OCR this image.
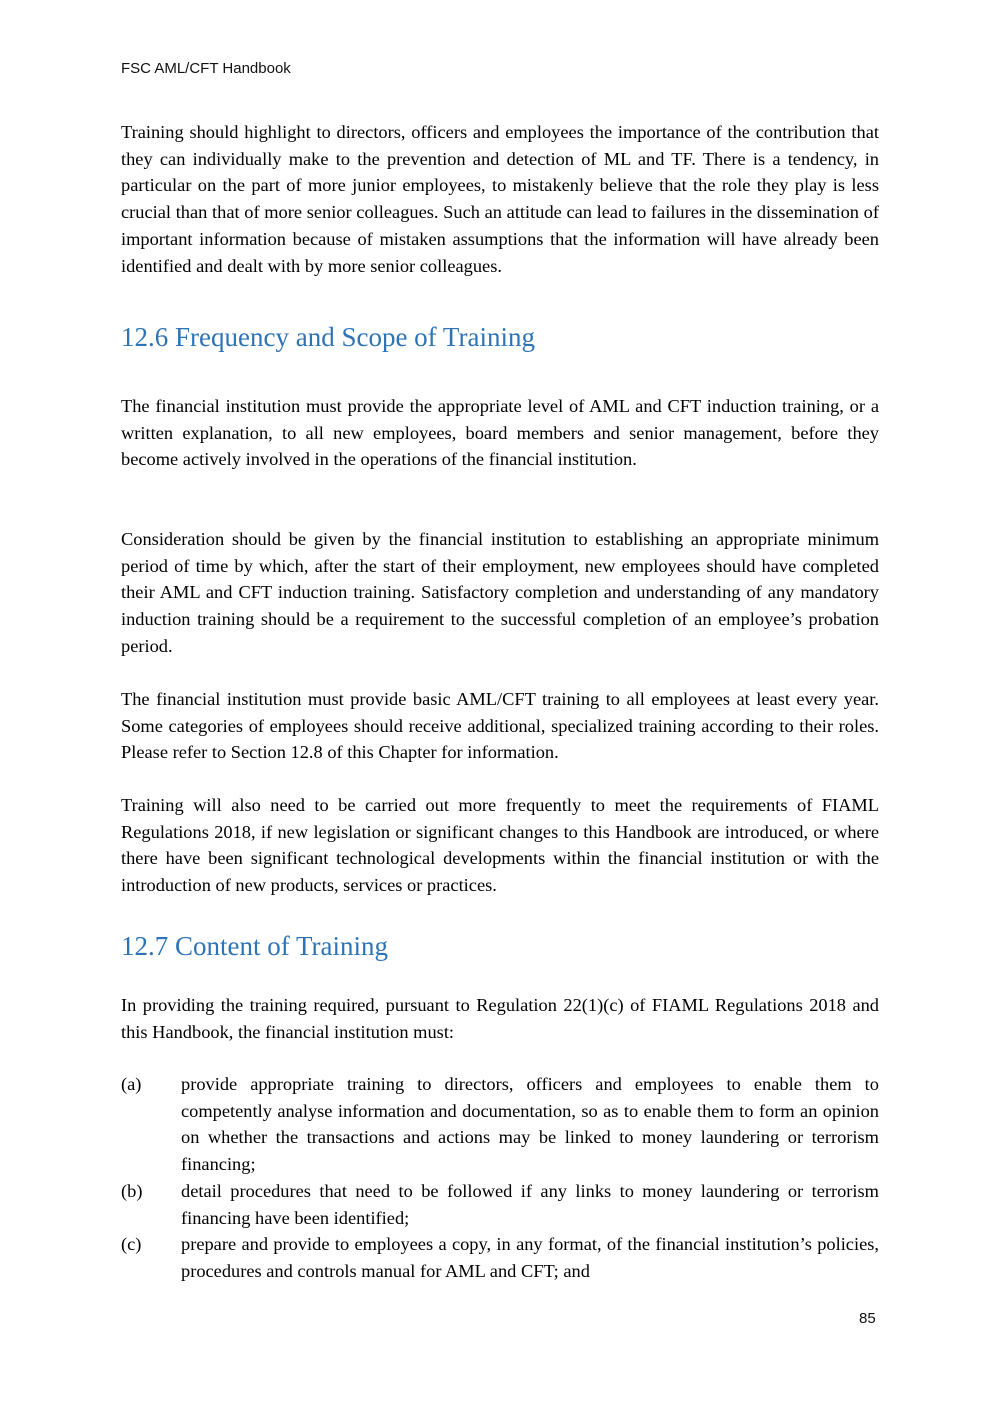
FSC AML/CFT Handbook

Training should highlight to directors, officers and employees the importance of the contribution that they can individually make to the prevention and detection of ML and TF. There is a tendency, in particular on the part of more junior employees, to mistakenly believe that the role they play is less crucial than that of more senior colleagues. Such an attitude can lead to failures in the dissemination of important information because of mistaken assumptions that the information will have already been identified and dealt with by more senior colleagues.

12.6 Frequency and Scope of Training

The financial institution must provide the appropriate level of AML and CFT induction training, or a written explanation, to all new employees, board members and senior management, before they become actively involved in the operations of the financial institution.

Consideration should be given by the financial institution to establishing an appropriate minimum period of time by which, after the start of their employment, new employees should have completed their AML and CFT induction training. Satisfactory completion and understanding of any mandatory induction training should be a requirement to the successful completion of an employee’s probation period.

The financial institution must provide basic AML/CFT training to all employees at least every year. Some categories of employees should receive additional, specialized training according to their roles. Please refer to Section 12.8 of this Chapter for information.

Training will also need to be carried out more frequently to meet the requirements of FIAML Regulations 2018, if new legislation or significant changes to this Handbook are introduced, or where there have been significant technological developments within the financial institution or with the introduction of new products, services or practices.

12.7 Content of Training

In providing the training required, pursuant to Regulation 22(1)(c) of FIAML Regulations 2018 and this Handbook, the financial institution must:

(a) provide appropriate training to directors, officers and employees to enable them to competently analyse information and documentation, so as to enable them to form an opinion on whether the transactions and actions may be linked to money laundering or terrorism financing;
(b) detail procedures that need to be followed if any links to money laundering or terrorism financing have been identified;
(c) prepare and provide to employees a copy, in any format, of the financial institution’s policies, procedures and controls manual for AML and CFT; and
85
